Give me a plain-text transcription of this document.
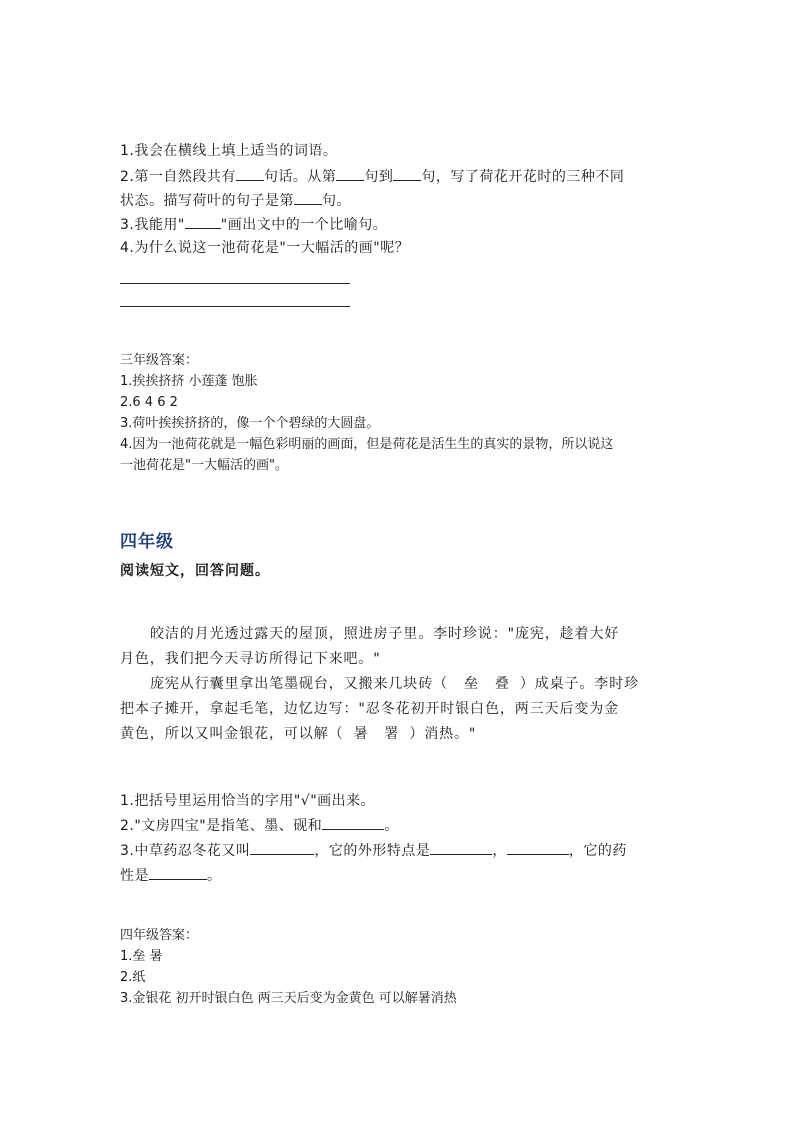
1.我会在横线上填上适当的词语。
2.第一自然段共有 句话。从第 句到 句，写了荷花开花时的三种不同
状态。描写荷叶的句子是第 句。
3.我能用"	"画出文中的一个比喻句。
4.为什么说这一池荷花是"一大幅活的画"呢？
三年级答案：
1.挨挨挤挤 小莲蓬 饱胀
2.6 4 6 2
3.荷叶挨挨挤挤的，像一个个碧绿的大圆盘。
4.因为一池荷花就是一幅色彩明丽的画面，但是荷花是活生生的真实的景物，所以说这
一池荷花是"一大幅活的画"。
四年级
阅读短文，回答问题。
皎洁的月光透过露天的屋顶，照进房子里。李时珍说："庞宪，趁着大好
月色，我们把今天寻访所得记下来吧。"
庞宪从行囊里拿出笔墨砚台，又搬来几块砖（ 垒 叠 ）成桌子。李时珍
把本子摊开，拿起毛笔，边忆边写："忍冬花初开时银白色，两三天后变为金
黄色，所以又叫金银花，可以解（ 暑 署 ）消热。"
1.把括号里运用恰当的字用"√"画出来。
2."文房四宝"是指笔、墨、砚和	。
3.中草药忍冬花又叫	，它的外形特点是	，	，它的药
性是	。
四年级答案：
1.垒 暑
2.纸
3.金银花 初开时银白色 两三天后变为金黄色 可以解暑消热
